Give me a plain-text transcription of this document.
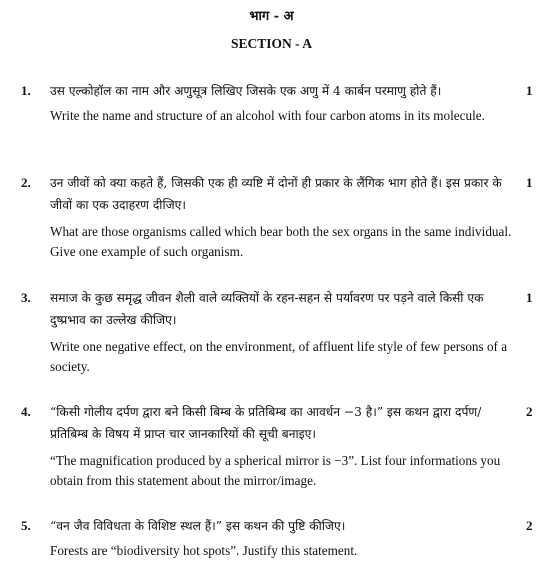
भाग - अ
SECTION - A
1.	1
उस एल्कोहॉल का नाम और अणुसूत्र लिखिए जिसके एक अणु में 4 कार्बन परमाणु होते हैं।
Write the name and structure of an alcohol with four carbon atoms in its molecule.
2.	1
उन जीवों को क्या कहते हैं, जिसकी एक ही व्यष्टि में दोनों ही प्रकार के लैंगिक भाग होते हैं। इस प्रकार के जीवों का एक उदाहरण दीजिए।
What are those organisms called which bear both the sex organs in the same individual. Give one example of such organism.
3.	1
समाज के कुछ समृद्ध जीवन शैली वाले व्यक्तियों के रहन-सहन से पर्यावरण पर पड़ने वाले किसी एक दुष्प्रभाव का उल्लेख कीजिए।
Write one negative effect, on the environment, of affluent life style of few persons of a society.
4.	2
“किसी गोलीय दर्पण द्वारा बने किसी बिम्ब के प्रतिबिम्ब का आवर्धन −3 है।” इस कथन द्वारा दर्पण/प्रतिबिम्ब के विषय में प्राप्त चार जानकारियों की सूची बनाइए।
“The magnification produced by a spherical mirror is −3”. List four informations you obtain from this statement about the mirror/image.
5.	2
“वन जैव विविधता के विशिष्ट स्थल हैं।” इस कथन की पुष्टि कीजिए।
Forests are “biodiversity hot spots”. Justify this statement.
